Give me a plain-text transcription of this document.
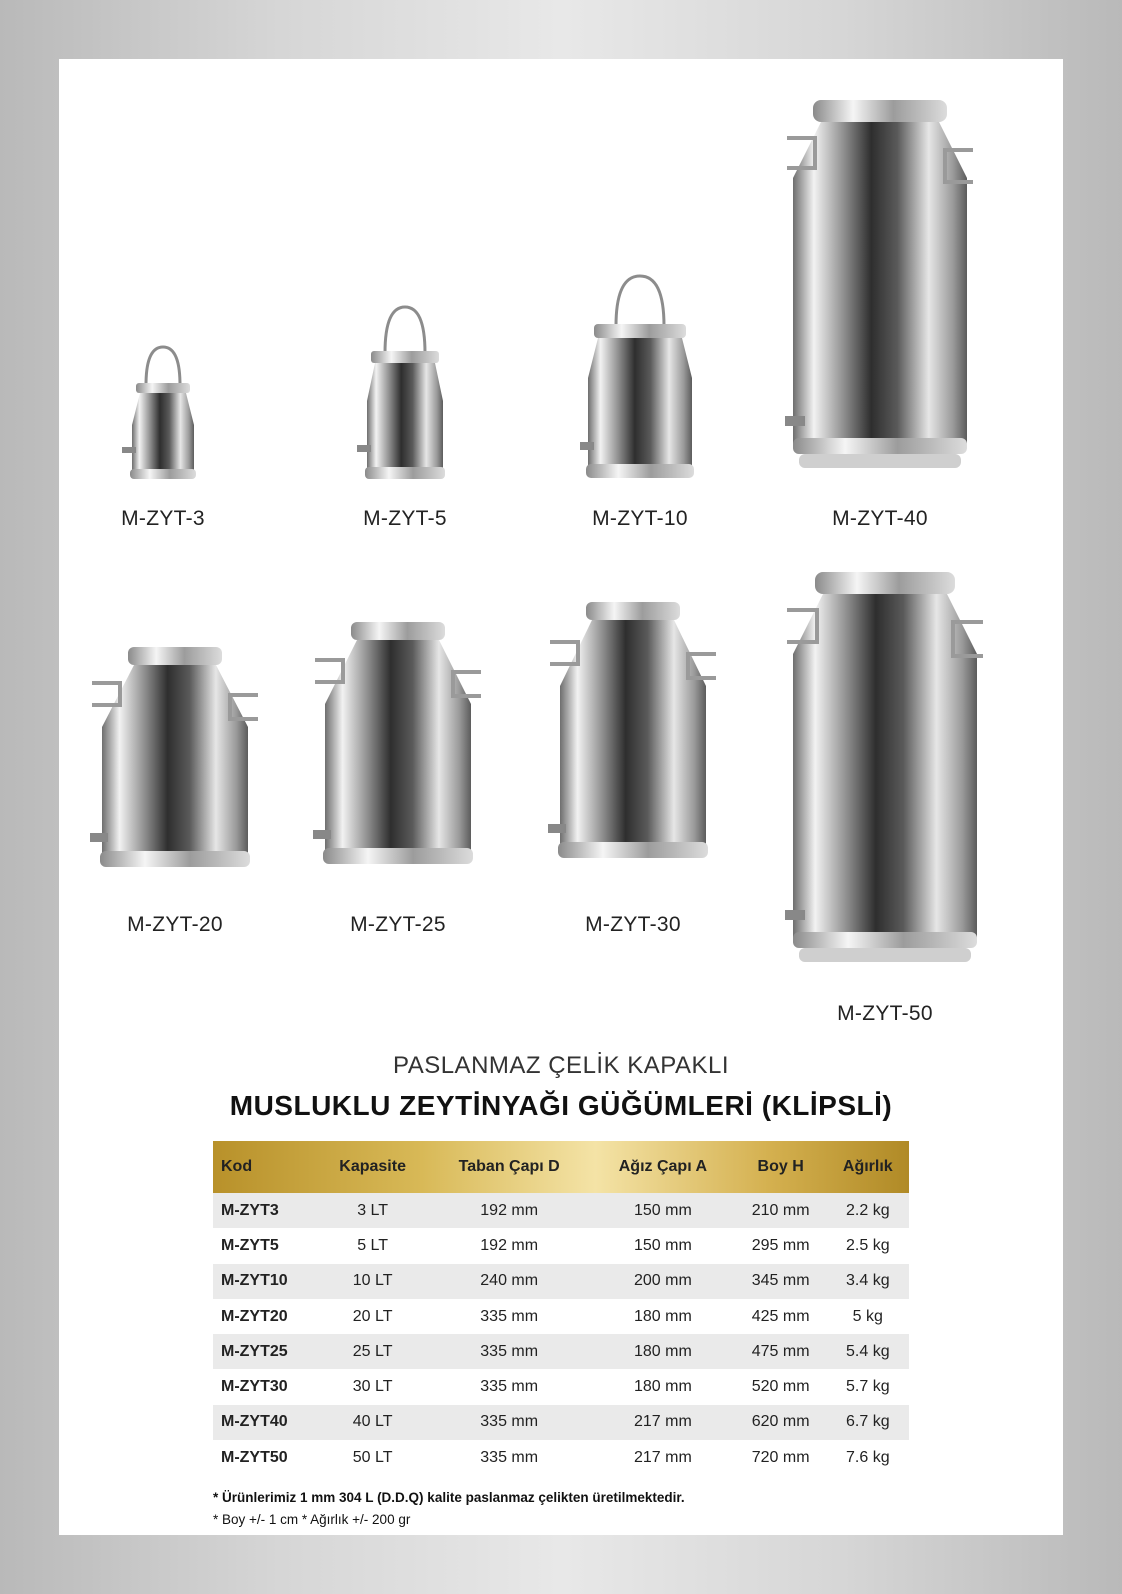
M-ZYT-3	M-ZYT-5	M-ZYT-10	M-ZYT-40
M-ZYT-20	M-ZYT-25	M-ZYT-30
M-ZYT-50
PASLANMAZ ÇELİK KAPAKLI
MUSLUKLU ZEYTİNYAĞI GÜĞÜMLERİ (KLİPSLİ)
Kod	Kapasite	Taban Çapı D	Ağız Çapı A	Boy H	Ağırlık
M-ZYT3	3 LT	192 mm	150 mm	210 mm	2.2 kg
M-ZYT5	5 LT	192 mm	150 mm	295 mm	2.5 kg
M-ZYT10	10 LT	240 mm	200 mm	345 mm	3.4 kg
M-ZYT20	20 LT	335 mm	180 mm	425 mm	5 kg
M-ZYT25	25 LT	335 mm	180 mm	475 mm	5.4 kg
M-ZYT30	30 LT	335 mm	180 mm	520 mm	5.7 kg
M-ZYT40	40 LT	335 mm	217 mm	620 mm	6.7 kg
M-ZYT50	50 LT	335 mm	217 mm	720 mm	7.6 kg
* Ürünlerimiz 1 mm 304 L (D.D.Q) kalite paslanmaz çelikten üretilmektedir.
* Boy +/- 1 cm * Ağırlık +/- 200 gr
